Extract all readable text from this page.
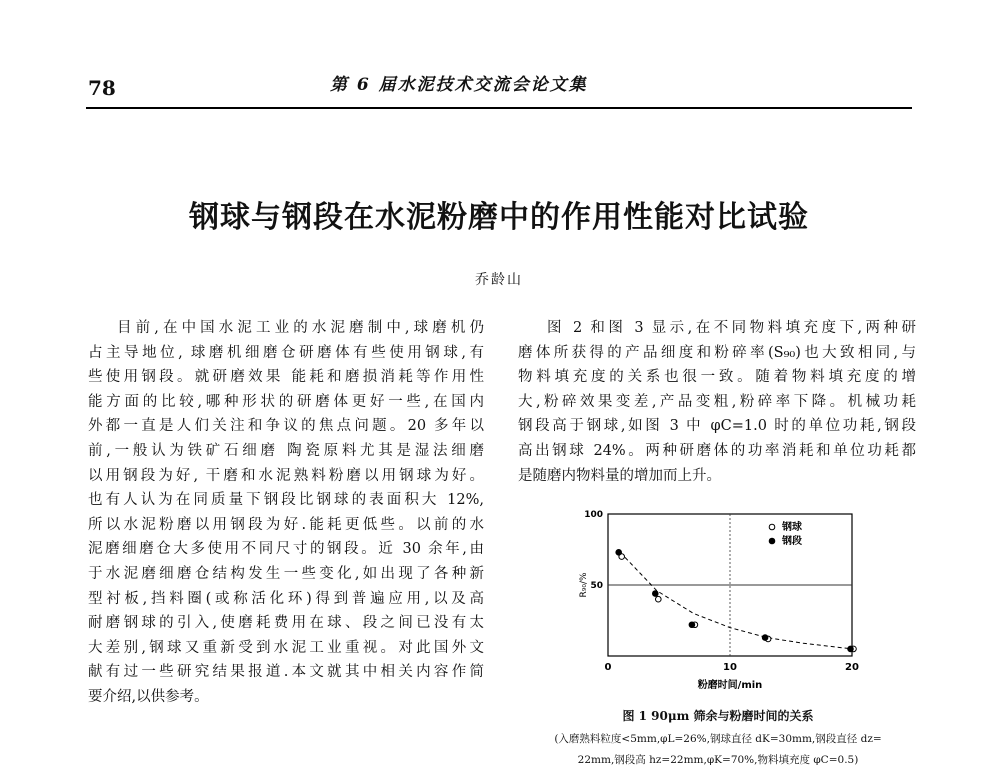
78	第 6 届水泥技术交流会论文集
钢球与钢段在水泥粉磨中的作用性能对比试验
乔龄山

目前,在中国水泥工业的水泥磨制中,球磨机仍
占主导地位, 球磨机细磨仓研磨体有些使用钢球,有
些使用钢段。就研磨效果 能耗和磨损消耗等作用性
能方面的比较,哪种形状的研磨体更好一些,在国内
外都一直是人们关注和争议的焦点问题。20 多年以
前,一般认为铁矿石细磨 陶瓷原料尤其是湿法细磨
以用钢段为好, 干磨和水泥熟料粉磨以用钢球为好。
也有人认为在同质量下钢段比钢球的表面积大 12%,
所以水泥粉磨以用钢段为好.能耗更低些。以前的水
泥磨细磨仓大多使用不同尺寸的钢段。近 30 余年,由
于水泥磨细磨仓结构发生一些变化,如出现了各种新
型衬板,挡料圈(或称活化环)得到普遍应用,以及高
耐磨钢球的引入,使磨耗费用在球、段之间已没有太
大差别,钢球又重新受到水泥工业重视。对此国外文
献有过一些研究结果报道.本文就其中相关内容作简
要介绍,以供参考。

图 2 和图 3 显示,在不同物料填充度下,两种研
磨体所获得的产品细度和粉碎率(S₉₀)也大致相同,与
物料填充度的关系也很一致。随着物料填充度的增
大,粉碎效果变差,产品变粗,粉碎率下降。机械功耗
钢段高于钢球,如图 3 中 φC=1.0 时的单位功耗,钢段
高出钢球 24%。两种研磨体的功率消耗和单位功耗都
是随磨内物料量的增加而上升。

0	10	20
50
100
粉磨时间/min
R₉₀/%
钢球
钢段
图 1 90μm 筛余与粉磨时间的关系
(入磨熟料粒度<5mm,φL=26%,钢球直径 dK=30mm,钢段直径 dz=
22mm,钢段高 hz=22mm,φK=70%,物料填充度 φC=0.5)
